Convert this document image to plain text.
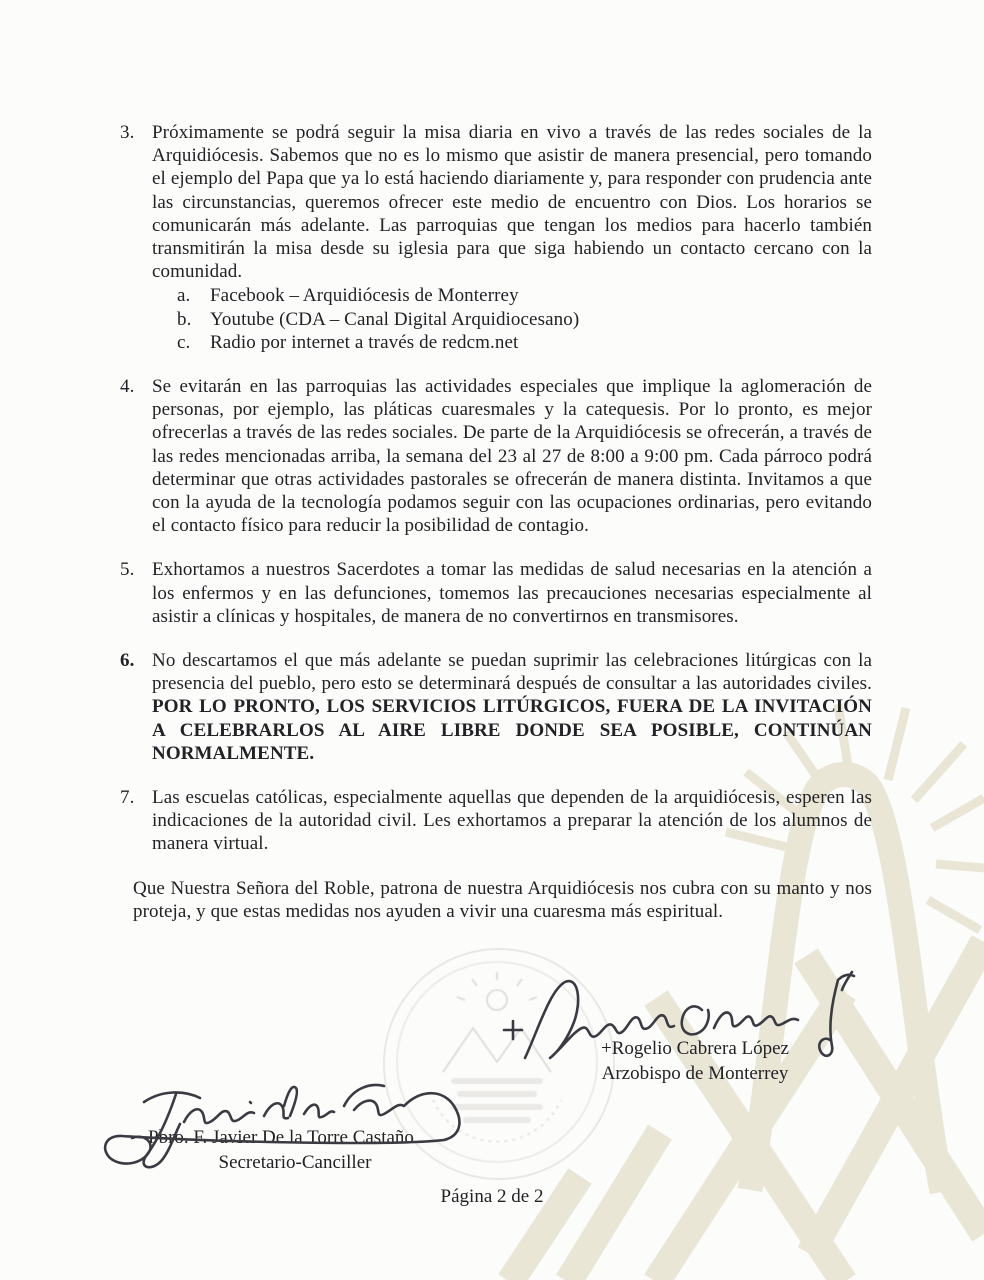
3. Próximamente se podrá seguir la misa diaria en vivo a través de las redes sociales de la Arquidiócesis. Sabemos que no es lo mismo que asistir de manera presencial, pero tomando el ejemplo del Papa que ya lo está haciendo diariamente y, para responder con prudencia ante las circunstancias, queremos ofrecer este medio de encuentro con Dios. Los horarios se comunicarán más adelante. Las parroquias que tengan los medios para hacerlo también transmitirán la misa desde su iglesia para que siga habiendo un contacto cercano con la comunidad.
a.	Facebook – Arquidiócesis de Monterrey
b. Youtube (CDA – Canal Digital Arquidiocesano)
c.	Radio por internet a través de redcm.net
4. Se evitarán en las parroquias las actividades especiales que implique la aglomeración de personas, por ejemplo, las pláticas cuaresmales y la catequesis. Por lo pronto, es mejor ofrecerlas a través de las redes sociales. De parte de la Arquidiócesis se ofrecerán, a través de las redes mencionadas arriba, la semana del 23 al 27 de 8:00 a 9:00 pm. Cada párroco podrá determinar que otras actividades pastorales se ofrecerán de manera distinta. Invitamos a que con la ayuda de la tecnología podamos seguir con las ocupaciones ordinarias, pero evitando el contacto físico para reducir la posibilidad de contagio.
5. Exhortamos a nuestros Sacerdotes a tomar las medidas de salud necesarias en la atención a los enfermos y en las defunciones, tomemos las precauciones necesarias especialmente al asistir a clínicas y hospitales, de manera de no convertirnos en transmisores.
6. No descartamos el que más adelante se puedan suprimir las celebraciones litúrgicas con la presencia del pueblo, pero esto se determinará después de consultar a las autoridades civiles. POR LO PRONTO, LOS SERVICIOS LITÚRGICOS, FUERA DE LA INVITACIÓN A CELEBRARLOS AL AIRE LIBRE DONDE SEA POSIBLE, CONTINÚAN NORMALMENTE.
7. Las escuelas católicas, especialmente aquellas que dependen de la arquidiócesis, esperen las indicaciones de la autoridad civil. Les exhortamos a preparar la atención de los alumnos de manera virtual.

Que Nuestra Señora del Roble, patrona de nuestra Arquidiócesis nos cubra con su manto y nos proteja, y que estas medidas nos ayuden a vivir una cuaresma más espiritual.

+Rogelio Cabrera López
Arzobispo de Monterrey
Pbro. F. Javier De la Torre Castaño
Secretario-Canciller
Página 2 de 2
